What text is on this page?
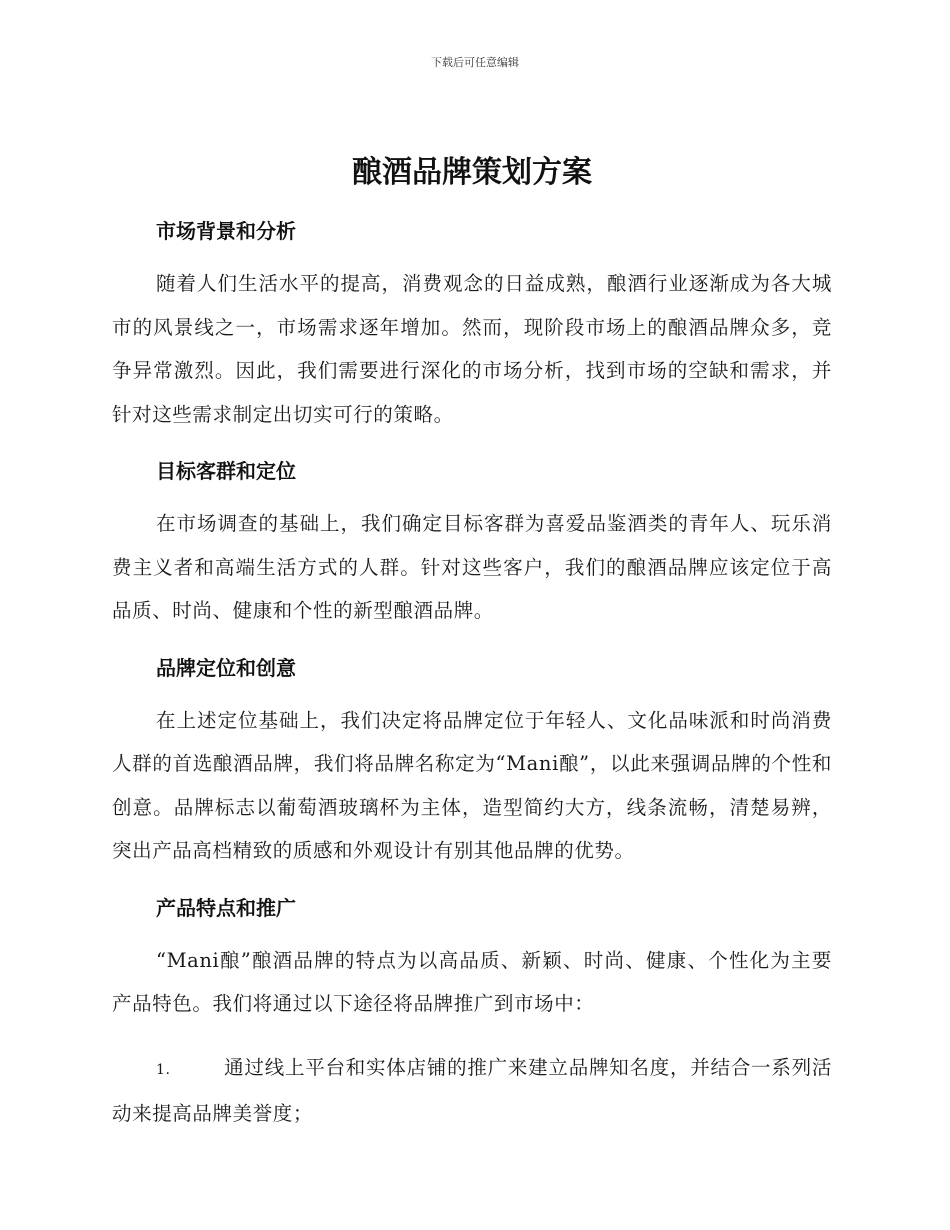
下载后可任意编辑
酿酒品牌策划方案
市场背景和分析

随着人们生活水平的提高，消费观念的日益成熟，酿酒行业逐渐成为各大城市的风景线之一，市场需求逐年增加。然而，现阶段市场上的酿酒品牌众多，竞争异常激烈。因此，我们需要进行深化的市场分析，找到市场的空缺和需求，并针对这些需求制定出切实可行的策略。

目标客群和定位

在市场调查的基础上，我们确定目标客群为喜爱品鉴酒类的青年人、玩乐消费主义者和高端生活方式的人群。针对这些客户，我们的酿酒品牌应该定位于高品质、时尚、健康和个性的新型酿酒品牌。

品牌定位和创意

在上述定位基础上，我们决定将品牌定位于年轻人、文化品味派和时尚消费人群的首选酿酒品牌，我们将品牌名称定为“Mani酿”，以此来强调品牌的个性和创意。品牌标志以葡萄酒玻璃杯为主体，造型简约大方，线条流畅，清楚易辨，突出产品高档精致的质感和外观设计有别其他品牌的优势。

产品特点和推广

“Mani酿”酿酒品牌的特点为以高品质、新颖、时尚、健康、个性化为主要产品特色。我们将通过以下途径将品牌推广到市场中：

1.	通过线上平台和实体店铺的推广来建立品牌知名度，并结合一系列活动来提高品牌美誉度；
